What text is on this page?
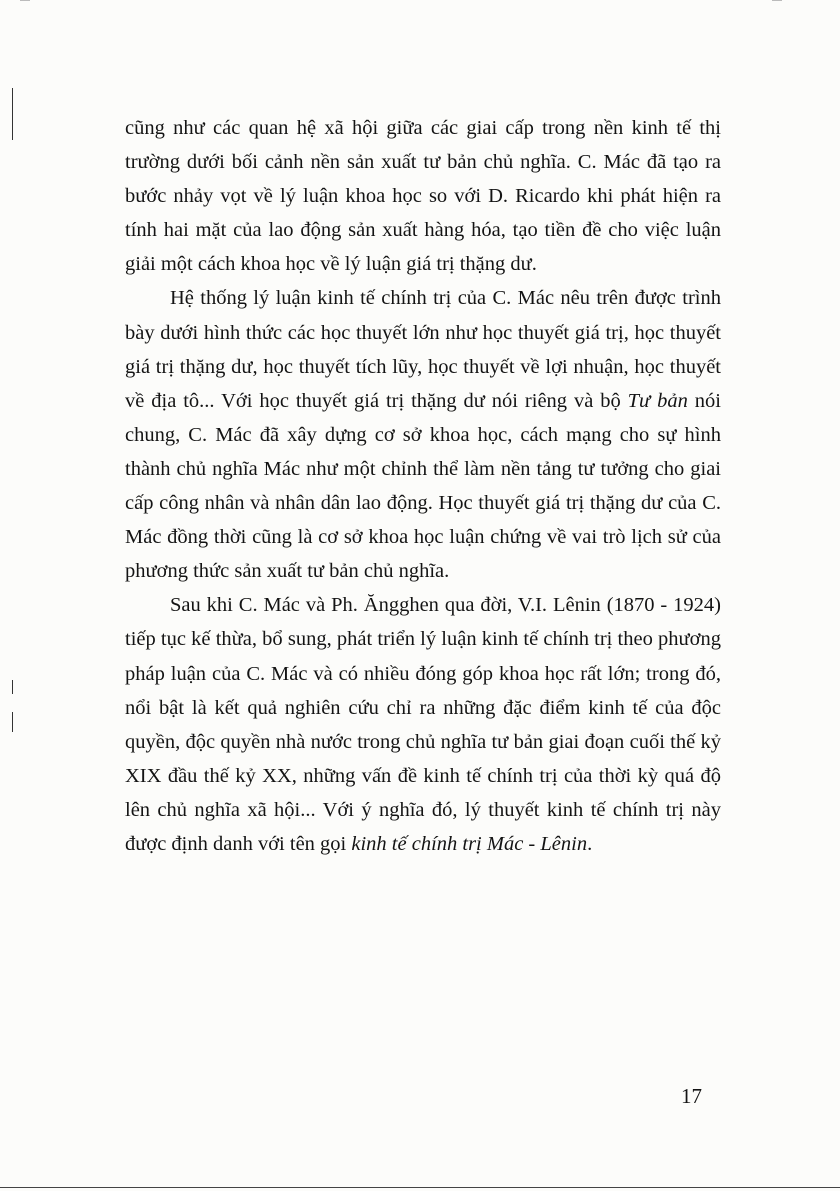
cũng như các quan hệ xã hội giữa các giai cấp trong nền kinh tế thị trường dưới bối cảnh nền sản xuất tư bản chủ nghĩa. C. Mác đã tạo ra bước nhảy vọt về lý luận khoa học so với D. Ricardo khi phát hiện ra tính hai mặt của lao động sản xuất hàng hóa, tạo tiền đề cho việc luận giải một cách khoa học về lý luận giá trị thặng dư.

Hệ thống lý luận kinh tế chính trị của C. Mác nêu trên được trình bày dưới hình thức các học thuyết lớn như học thuyết giá trị, học thuyết giá trị thặng dư, học thuyết tích lũy, học thuyết về lợi nhuận, học thuyết về địa tô... Với học thuyết giá trị thặng dư nói riêng và bộ Tư bản nói chung, C. Mác đã xây dựng cơ sở khoa học, cách mạng cho sự hình thành chủ nghĩa Mác như một chỉnh thể làm nền tảng tư tưởng cho giai cấp công nhân và nhân dân lao động. Học thuyết giá trị thặng dư của C. Mác đồng thời cũng là cơ sở khoa học luận chứng về vai trò lịch sử của phương thức sản xuất tư bản chủ nghĩa.

Sau khi C. Mác và Ph. Ăngghen qua đời, V.I. Lênin (1870 - 1924) tiếp tục kế thừa, bổ sung, phát triển lý luận kinh tế chính trị theo phương pháp luận của C. Mác và có nhiều đóng góp khoa học rất lớn; trong đó, nổi bật là kết quả nghiên cứu chỉ ra những đặc điểm kinh tế của độc quyền, độc quyền nhà nước trong chủ nghĩa tư bản giai đoạn cuối thế kỷ XIX đầu thế kỷ XX, những vấn đề kinh tế chính trị của thời kỳ quá độ lên chủ nghĩa xã hội... Với ý nghĩa đó, lý thuyết kinh tế chính trị này được định danh với tên gọi kinh tế chính trị Mác - Lênin.

17
